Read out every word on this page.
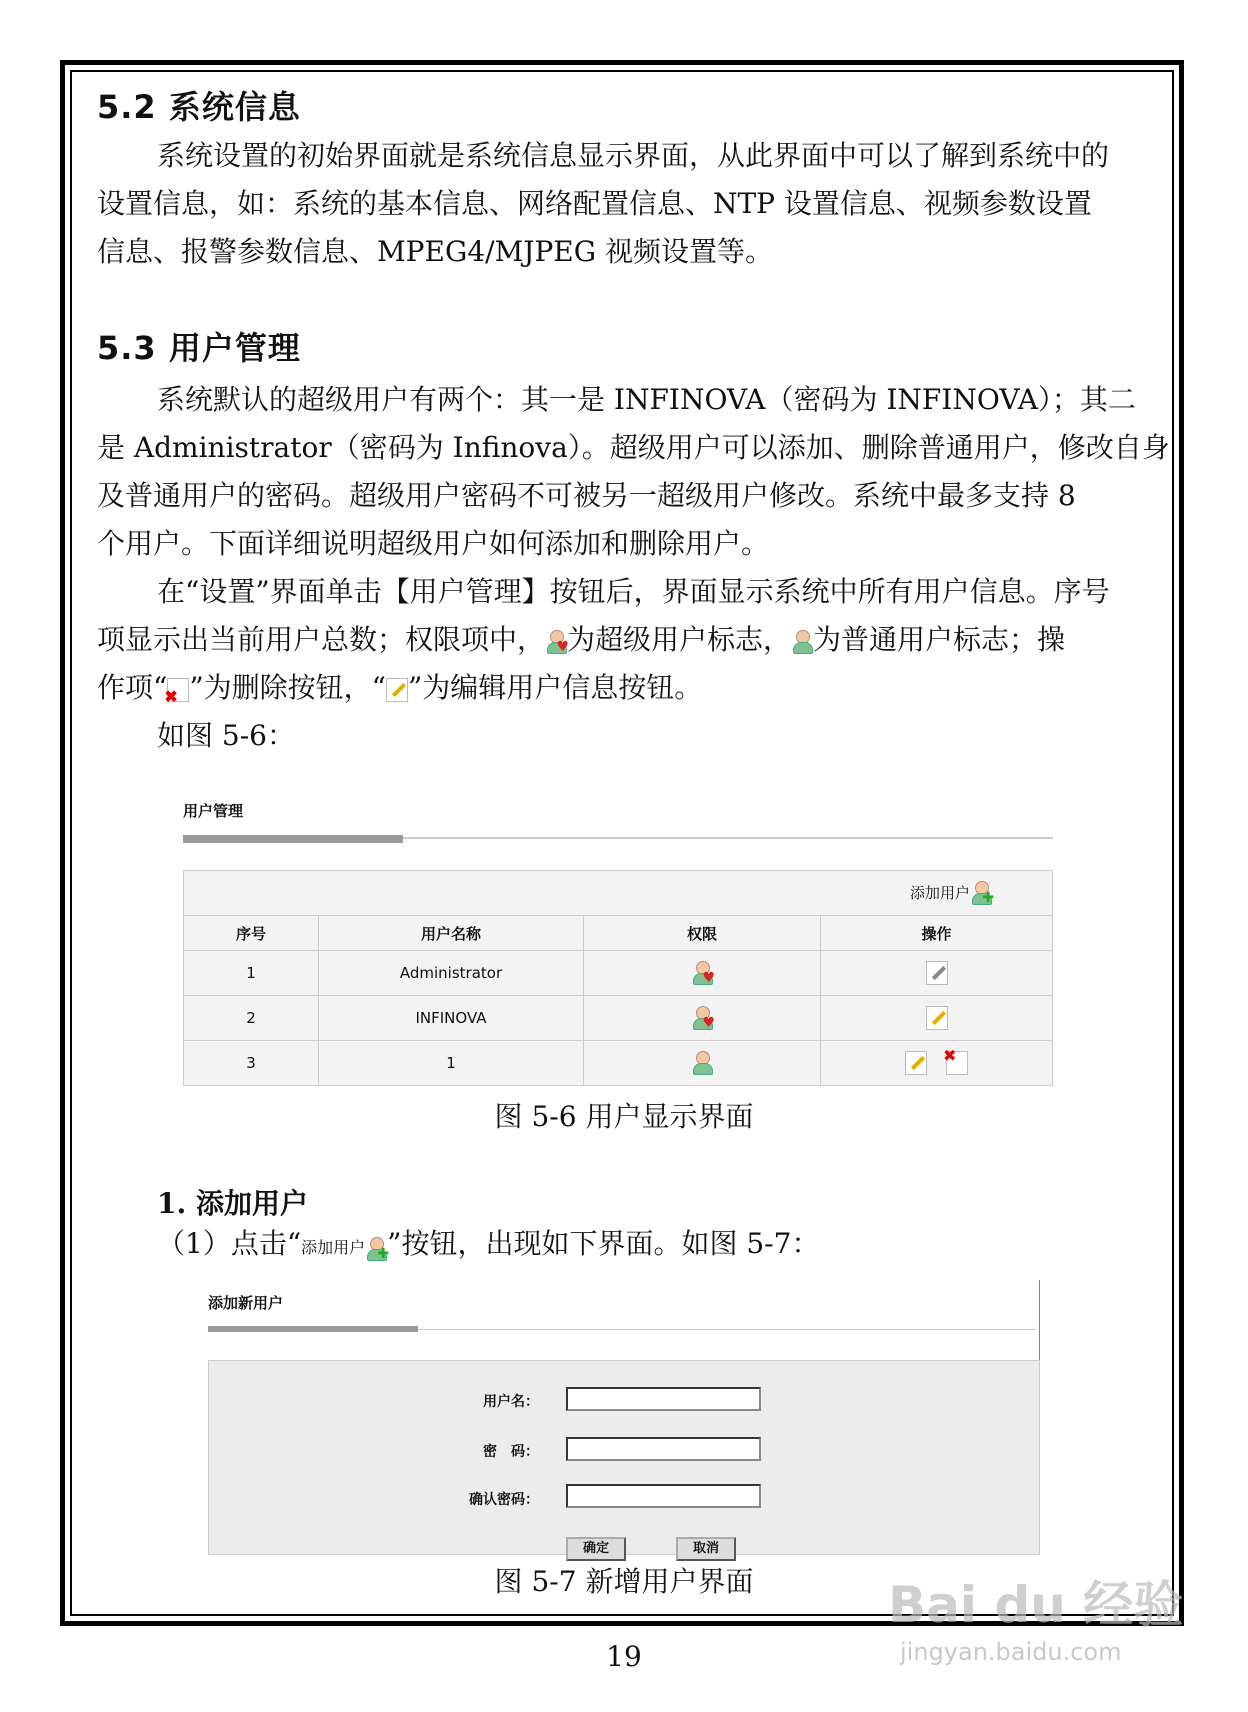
5.2 系统信息

系统设置的初始界面就是系统信息显示界面，从此界面中可以了解到系统中的

设置信息，如：系统的基本信息、网络配置信息、NTP 设置信息、视频参数设置

信息、报警参数信息、MPEG4/MJPEG 视频设置等。

5.3 用户管理

系统默认的超级用户有两个：其一是 INFINOVA（密码为 INFINOVA）；其二

是 Administrator（密码为 Infinova）。超级用户可以添加、删除普通用户，修改自身

及普通用户的密码。超级用户密码不可被另一超级用户修改。系统中最多支持 8

个用户。下面详细说明超级用户如何添加和删除用户。

在“设置”界面单击【用户管理】按钮后，界面显示系统中所有用户信息。序号

项显示出当前用户总数；权限项中， ♥
为超级用户标志， 为普通用户标志；操

作项“
✖ ”为删除按钮，“ ”为编辑用户信息按钮。

如图 5-6：

用户管理
添加用户 ✚			

序号	用户名称	权限	操作
1	Administrator	♥	

2	INFINOVA	♥	

3	1		✖
图 5-6 用户显示界面

1. 添加用户

（1）点击“添加用户 ✚
”按钮，出现如下界面。如图 5-7：

添加新用户
用户名：
密　码：
确认密码：
确定	取消
图 5-7 新增用户界面
19
Bai du 经验
jingyan.baidu.com
